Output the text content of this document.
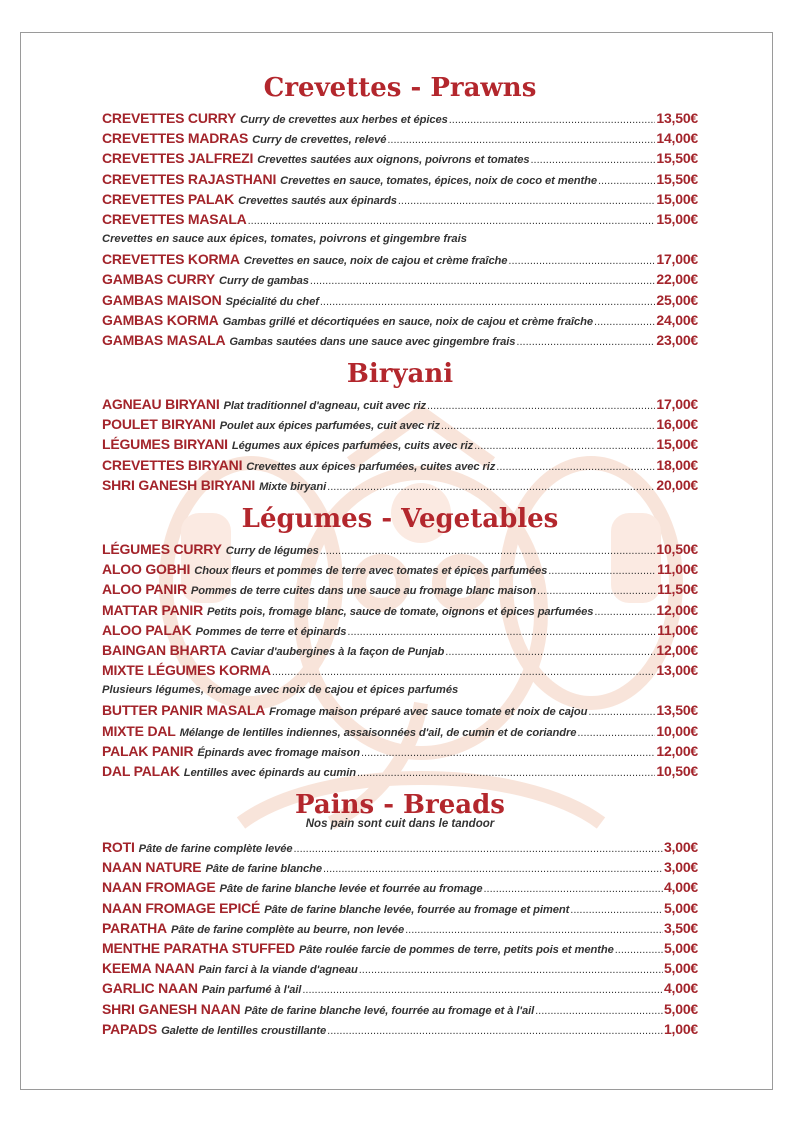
Crevettes - Prawns
CREVETTES CURRY Curry de crevettes aux herbes et épices .....	13,50€
CREVETTES MADRAS Curry de crevettes, relevé .....	14,00€
CREVETTES JALFREZI Crevettes sautées aux oignons, poivrons et tomates .....	15,50€
CREVETTES RAJASTHANI Crevettes en sauce, tomates, épices, noix de coco et menthe .....	15,50€
CREVETTES PALAK Crevettes sautés aux épinards .....	15,00€
CREVETTES MASALA .....	15,00€
Crevettes en sauce aux épices, tomates, poivrons et gingembre frais
CREVETTES KORMA Crevettes en sauce, noix de cajou et crème fraîche .....	17,00€
GAMBAS CURRY Curry de gambas .....	22,00€
GAMBAS MAISON Spécialité du chef .....	25,00€
GAMBAS KORMA Gambas grillé et décortiquées en sauce, noix de cajou et crème fraîche .....	24,00€
GAMBAS MASALA Gambas sautées dans une sauce avec gingembre frais .....	23,00€
Biryani
AGNEAU BIRYANI Plat traditionnel d'agneau, cuit avec riz .....	17,00€
POULET BIRYANI Poulet aux épices parfumées, cuit avec riz .....	16,00€
LÉGUMES BIRYANI Légumes aux épices parfumées, cuits avec riz .....	15,00€
CREVETTES BIRYANI Crevettes aux épices parfumées, cuites avec riz .....	18,00€
SHRI GANESH BIRYANI Mixte biryani .....	20,00€
Légumes - Vegetables
LÉGUMES CURRY Curry de légumes .....	10,50€
ALOO GOBHI Choux fleurs et pommes de terre avec tomates et épices parfumées .....	11,00€
ALOO PANIR Pommes de terre cuites dans une sauce au fromage blanc maison .....	11,50€
MATTAR PANIR Petits pois, fromage blanc, sauce de tomate, oignons et épices parfumées .....	12,00€
ALOO PALAK Pommes de terre et épinards .....	11,00€
BAINGAN BHARTA Caviar d'aubergines à la façon de Punjab .....	12,00€
MIXTE LÉGUMES KORMA .....	13,00€
Plusieurs légumes, fromage avec noix de cajou et épices parfumés
BUTTER PANIR MASALA Fromage maison préparé avec sauce tomate et noix de cajou .....	13,50€
MIXTE DAL Mélange de lentilles indiennes, assaisonnées d'ail, de cumin et de coriandre .....	10,00€
PALAK PANIR Épinards avec fromage maison .....	12,00€
DAL PALAK Lentilles avec épinards au cumin .....	10,50€
Pains - Breads
Nos pain sont cuit dans le tandoor
ROTI Pâte de farine complète levée .....	3,00€
NAAN NATURE Pâte de farine blanche .....	3,00€
NAAN FROMAGE Pâte de farine blanche levée et fourrée au fromage .....	4,00€
NAAN FROMAGE EPICÉ Pâte de farine blanche levée, fourrée au fromage et piment .....	5,00€
PARATHA Pâte de farine complète au beurre, non levée .....	3,50€
MENTHE PARATHA STUFFED Pâte roulée farcie de pommes de terre, petits pois et menthe .....	5,00€
KEEMA NAAN Pain farci à la viande d'agneau .....	5,00€
GARLIC NAAN Pain parfumé à l'ail .....	4,00€
SHRI GANESH NAAN Pâte de farine blanche levé, fourrée au fromage et à l'ail .....	5,00€
PAPADS Galette de lentilles croustillante .....	1,00€
